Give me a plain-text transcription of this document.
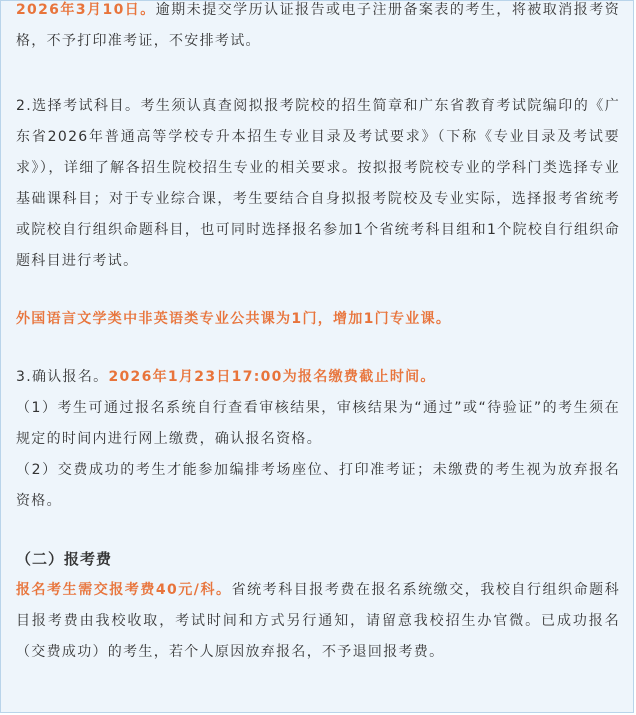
2026年3月10日。逾期未提交学历认证报告或电子注册备案表的考生，将被取消报考资格，不予打印准考证，不安排考试。

2.选择考试科目。考生须认真查阅拟报考院校的招生简章和广东省教育考试院编印的《广东省2026年普通高等学校专升本招生专业目录及考试要求》（下称《专业目录及考试要求》），详细了解各招生院校招生专业的相关要求。按拟报考院校专业的学科门类选择专业基础课科目；对于专业综合课，考生要结合自身拟报考院校及专业实际，选择报考省统考或院校自行组织命题科目，也可同时选择报名参加1个省统考科目组和1个院校自行组织命题科目进行考试。

外国语言文学类中非英语类专业公共课为1门，增加1门专业课。

3.确认报名。2026年1月23日17:00为报名缴费截止时间。

（1）考生可通过报名系统自行查看审核结果，审核结果为“通过”或“待验证”的考生须在规定的时间内进行网上缴费，确认报名资格。

（2）交费成功的考生才能参加编排考场座位、打印准考证；未缴费的考生视为放弃报名资格。

（二）报考费

报名考生需交报考费40元/科。省统考科目报考费在报名系统缴交，我校自行组织命题科目报考费由我校收取，考试时间和方式另行通知，请留意我校招生办官微。已成功报名（交费成功）的考生，若个人原因放弃报名，不予退回报考费。
